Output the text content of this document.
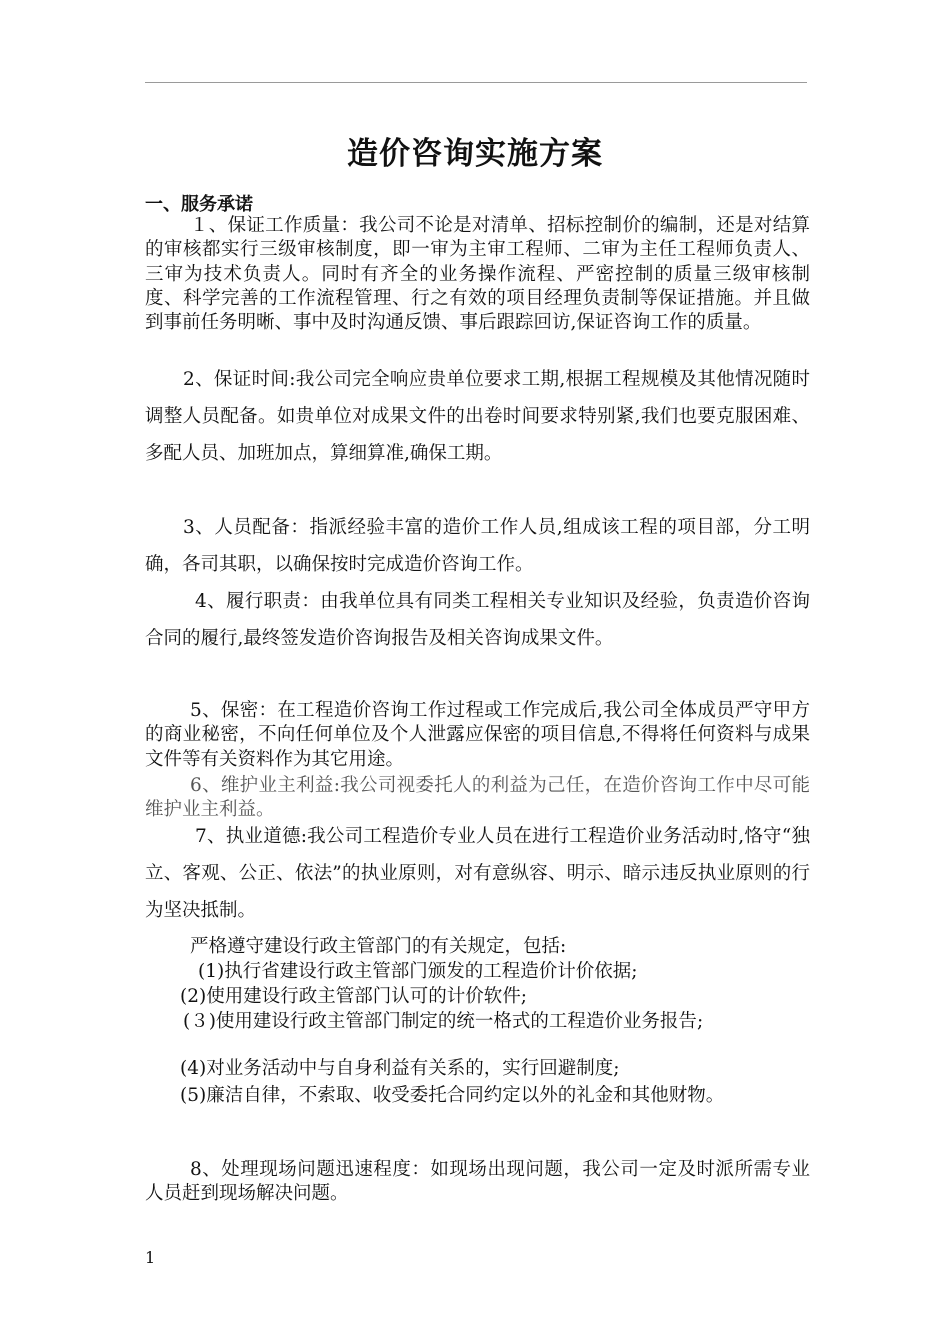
造价咨询实施方案
一、服务承诺

１、保证工作质量：我公司不论是对清单、招标控制价的编制，还是对结算的审核都实行三级审核制度，即一审为主审工程师、二审为主任工程师负责人、三审为技术负责人。同时有齐全的业务操作流程、严密控制的质量三级审核制度、科学完善的工作流程管理、行之有效的项目经理负责制等保证措施。并且做到事前任务明晰、事中及时沟通反馈、事后跟踪回访,保证咨询工作的质量。

2、保证时间:我公司完全响应贵单位要求工期,根据工程规模及其他情况随时调整人员配备。如贵单位对成果文件的出卷时间要求特别紧,我们也要克服困难、多配人员、加班加点，算细算准,确保工期。

3、人员配备：指派经验丰富的造价工作人员,组成该工程的项目部，分工明确，各司其职，以确保按时完成造价咨询工作。

4、履行职责：由我单位具有同类工程相关专业知识及经验，负责造价咨询合同的履行,最终签发造价咨询报告及相关咨询成果文件。

5、保密：在工程造价咨询工作过程或工作完成后,我公司全体成员严守甲方的商业秘密，不向任何单位及个人泄露应保密的项目信息,不得将任何资料与成果文件等有关资料作为其它用途。

6、维护业主利益:我公司视委托人的利益为己任，在造价咨询工作中尽可能维护业主利益。

7、执业道德:我公司工程造价专业人员在进行工程造价业务活动时,恪守“独立、客观、公正、依法”的执业原则，对有意纵容、明示、暗示违反执业原则的行为坚决抵制。

严格遵守建设行政主管部门的有关规定，包括:

(1)执行省建设行政主管部门颁发的工程造价计价依据;

(2)使用建设行政主管部门认可的计价软件;

(３)使用建设行政主管部门制定的统一格式的工程造价业务报告;

(4)对业务活动中与自身利益有关系的，实行回避制度;

(5)廉洁自律，不索取、收受委托合同约定以外的礼金和其他财物。

8、处理现场问题迅速程度：如现场出现问题，我公司一定及时派所需专业人员赶到现场解决问题。

1
